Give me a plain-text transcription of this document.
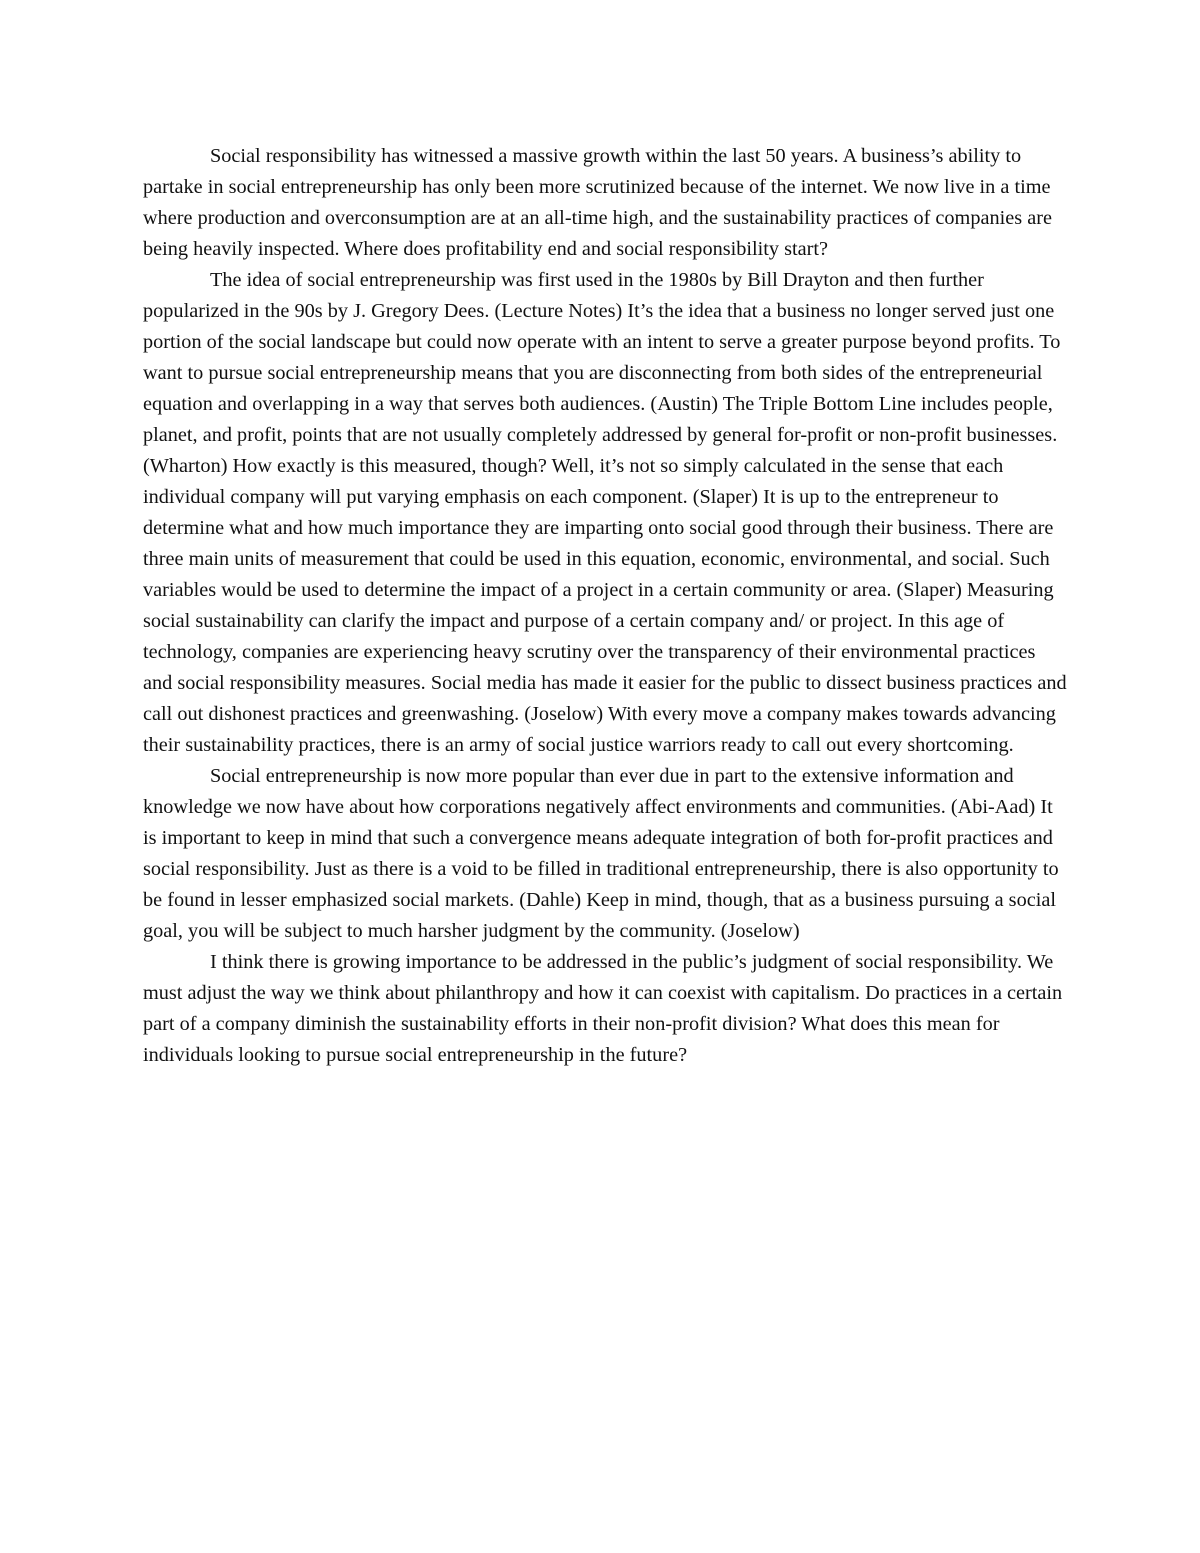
Social responsibility has witnessed a massive growth within the last 50 years. A business’s ability to partake in social entrepreneurship has only been more scrutinized because of the internet. We now live in a time where production and overconsumption are at an all-time high, and the sustainability practices of companies are being heavily inspected. Where does profitability end and social responsibility start?

The idea of social entrepreneurship was first used in the 1980s by Bill Drayton and then further popularized in the 90s by J. Gregory Dees. (Lecture Notes) It’s the idea that a business no longer served just one portion of the social landscape but could now operate with an intent to serve a greater purpose beyond profits. To want to pursue social entrepreneurship means that you are disconnecting from both sides of the entrepreneurial equation and overlapping in a way that serves both audiences. (Austin) The Triple Bottom Line includes people, planet, and profit, points that are not usually completely addressed by general for-profit or non-profit businesses. (Wharton) How exactly is this measured, though? Well, it’s not so simply calculated in the sense that each individual company will put varying emphasis on each component. (Slaper) It is up to the entrepreneur to determine what and how much importance they are imparting onto social good through their business. There are three main units of measurement that could be used in this equation, economic, environmental, and social. Such variables would be used to determine the impact of a project in a certain community or area. (Slaper) Measuring social sustainability can clarify the impact and purpose of a certain company and/ or project. In this age of technology, companies are experiencing heavy scrutiny over the transparency of their environmental practices and social responsibility measures. Social media has made it easier for the public to dissect business practices and call out dishonest practices and greenwashing. (Joselow) With every move a company makes towards advancing their sustainability practices, there is an army of social justice warriors ready to call out every shortcoming.

Social entrepreneurship is now more popular than ever due in part to the extensive information and knowledge we now have about how corporations negatively affect environments and communities. (Abi-Aad) It is important to keep in mind that such a convergence means adequate integration of both for-profit practices and social responsibility. Just as there is a void to be filled in traditional entrepreneurship, there is also opportunity to be found in lesser emphasized social markets. (Dahle) Keep in mind, though, that as a business pursuing a social goal, you will be subject to much harsher judgment by the community. (Joselow)

I think there is growing importance to be addressed in the public’s judgment of social responsibility. We must adjust the way we think about philanthropy and how it can coexist with capitalism. Do practices in a certain part of a company diminish the sustainability efforts in their non-profit division? What does this mean for individuals looking to pursue social entrepreneurship in the future?
